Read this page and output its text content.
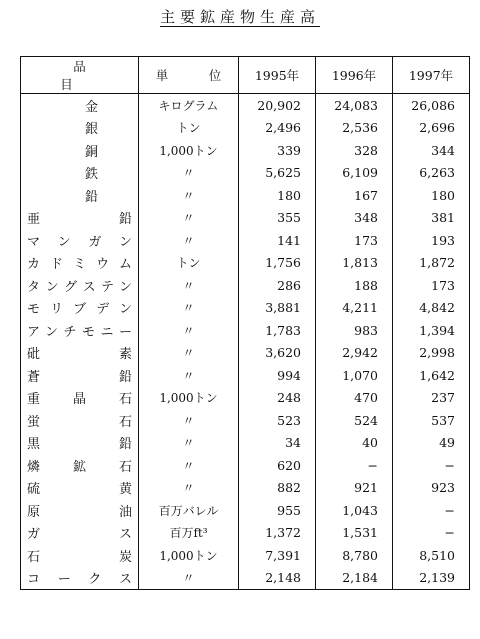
主要鉱産物生産高
品　目	単　位	1995年	1996年	1997年
金	キログラム	20,902	24,083	26,086
銀	トン	2,496	2,536	2,696
銅	1,000トン	339	328	344
鉄	〃	5,625	6,109	6,263
鉛	〃	180	167	180
亜鉛	〃	355	348	381
マンガン	〃	141	173	193
カドミウム	トン	1,756	1,813	1,872
タングステン	〃	286	188	173
モリブデン	〃	3,881	4,211	4,842
アンチモニー	〃	1,783	983	1,394
砒素	〃	3,620	2,942	2,998
蒼鉛	〃	994	1,070	1,642
重晶石	1,000トン	248	470	237
蛍石	〃	523	524	537
黒鉛	〃	34	40	49
燐鉱石	〃	620	−	−
硫黄	〃	882	921	923
原油	百万バレル	955	1,043	−
ガス	百万ft³	1,372	1,531	−
石炭	1,000トン	7,391	8,780	8,510
コークス	〃	2,148	2,184	2,139
